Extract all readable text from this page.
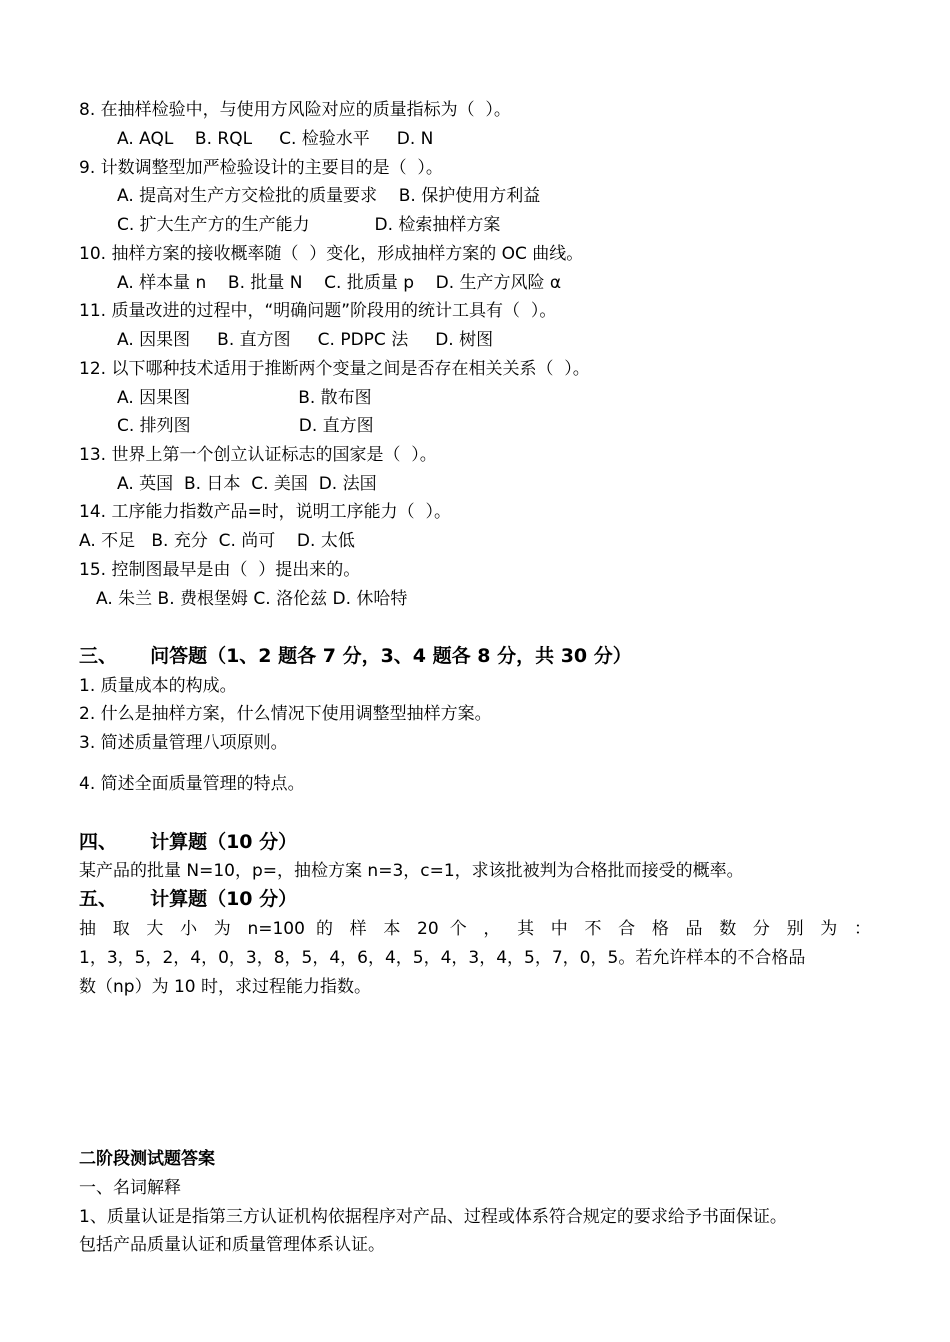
8. 在抽样检验中，与使用方风险对应的质量指标为（  ）。
A. AQL    B. RQL     C. 检验水平     D. N
9. 计数调整型加严检验设计的主要目的是（  ）。
A. 提高对生产方交检批的质量要求    B. 保护使用方利益
C. 扩大生产方的生产能力            D. 检索抽样方案
10. 抽样方案的接收概率随（  ）变化，形成抽样方案的 OC 曲线。
A. 样本量 n    B. 批量 N    C. 批质量 p    D. 生产方风险 α
11. 质量改进的过程中，“明确问题”阶段用的统计工具有（  ）。
A. 因果图     B. 直方图     C. PDPC 法     D. 树图
12. 以下哪种技术适用于推断两个变量之间是否存在相关关系（  ）。
A. 因果图                    B. 散布图
C. 排列图                    D. 直方图
13. 世界上第一个创立认证标志的国家是（  ）。
A. 英国  B. 日本  C. 美国  D. 法国
14. 工序能力指数产品=时，说明工序能力（  ）。
A. 不足   B. 充分  C. 尚可    D. 太低
15. 控制图最早是由（  ）提出来的。
A. 朱兰 B. 费根堡姆 C. 洛伦兹 D. 休哈特
三、     问答题（1、2 题各 7 分，3、4 题各 8 分，共 30 分）
1. 质量成本的构成。
2. 什么是抽样方案，什么情况下使用调整型抽样方案。
3. 简述质量管理八项原则。
4. 简述全面质量管理的特点。
四、     计算题（10 分）
某产品的批量 N=10，p=，抽检方案 n=3，c=1，求该批被判为合格批而接受的概率。
五、     计算题（10 分）
抽 取 大 小 为 n=100 的 样 本 20 个 ， 其 中 不 合 格 品 数 分 别 为 ：
1，3，5，2，4，0，3，8，5，4，6，4，5，4，3，4，5，7，0，5。若允许样本的不合格品
数（np）为 10 时，求过程能力指数。
二阶段测试题答案
一、名词解释
1、质量认证是指第三方认证机构依据程序对产品、过程或体系符合规定的要求给予书面保证。
包括产品质量认证和质量管理体系认证。
